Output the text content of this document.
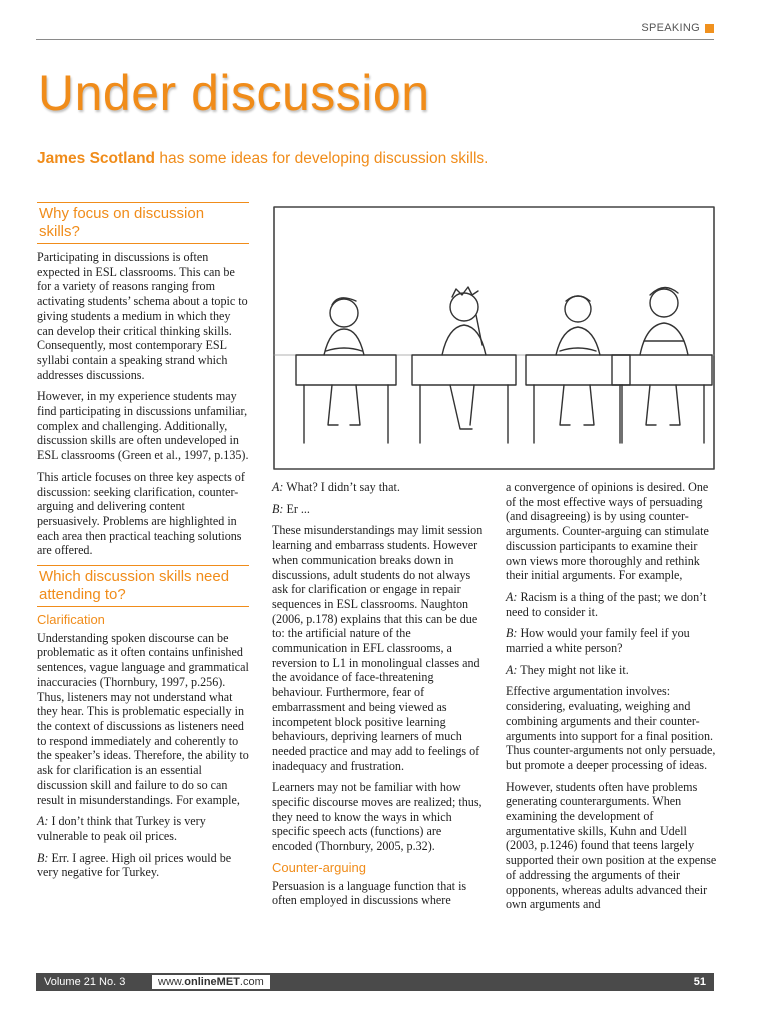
SPEAKING
Under discussion

James Scotland has some ideas for developing discussion skills.

Why focus on discussion skills?

Participating in discussions is often expected in ESL classrooms. This can be for a variety of reasons ranging from activating students’ schema about a topic to giving students a medium in which they can develop their critical thinking skills. Consequently, most contemporary ESL syllabi contain a speaking strand which addresses discussions.

However, in my experience students may find participating in discussions unfamiliar, complex and challenging. Additionally, discussion skills are often undeveloped in ESL classrooms (Green et al., 1997, p.135).

This article focuses on three key aspects of discussion: seeking clarification, counter-arguing and delivering content persuasively. Problems are highlighted in each area then practical teaching solutions are offered.

Which discussion skills need attending to?
Clarification

Understanding spoken discourse can be problematic as it often contains unfinished sentences, vague language and grammatical inaccuracies (Thornbury, 1997, p.256). Thus, listeners may not understand what they hear. This is problematic especially in the context of discussions as listeners need to respond immediately and coherently to the speaker’s ideas. Therefore, the ability to ask for clarification is an essential discussion skill and failure to do so can result in misunderstandings. For example,

A: I don’t think that Turkey is very vulnerable to peak oil prices.

B: Err. I agree. High oil prices would be very negative for Turkey.

A: What? I didn’t say that.

B: Er ...

These misunderstandings may limit session learning and embarrass students. However when communication breaks down in discussions, adult students do not always ask for clarification or engage in repair sequences in ESL classrooms. Naughton (2006, p.178) explains that this can be due to: the artificial nature of the communication in EFL classrooms, a reversion to L1 in monolingual classes and the avoidance of face-threatening behaviour. Furthermore, fear of embarrassment and being viewed as incompetent block positive learning behaviours, depriving learners of much needed practice and may add to feelings of inadequacy and frustration.

Learners may not be familiar with how specific discourse moves are realized; thus, they need to know the ways in which specific speech acts (functions) are encoded (Thornbury, 2005, p.32).

Counter-arguing

Persuasion is a language function that is often employed in discussions where

a convergence of opinions is desired. One of the most effective ways of persuading (and disagreeing) is by using counter-arguments. Counter-arguing can stimulate discussion participants to examine their own views more thoroughly and rethink their initial arguments. For example,

A: Racism is a thing of the past; we don’t need to consider it.

B: How would your family feel if you married a white person?

A: They might not like it.

Effective argumentation involves: considering, evaluating, weighing and combining arguments and their counter-arguments into support for a final position. Thus counter-arguments not only persuade, but promote a deeper processing of ideas.

However, students often have problems generating counterarguments. When examining the development of argumentative skills, Kuhn and Udell (2003, p.1246) found that teens largely supported their own position at the expense of addressing the arguments of their opponents, whereas adults advanced their own arguments and

Volume 21 No. 3	www.onlineMET.com	51
